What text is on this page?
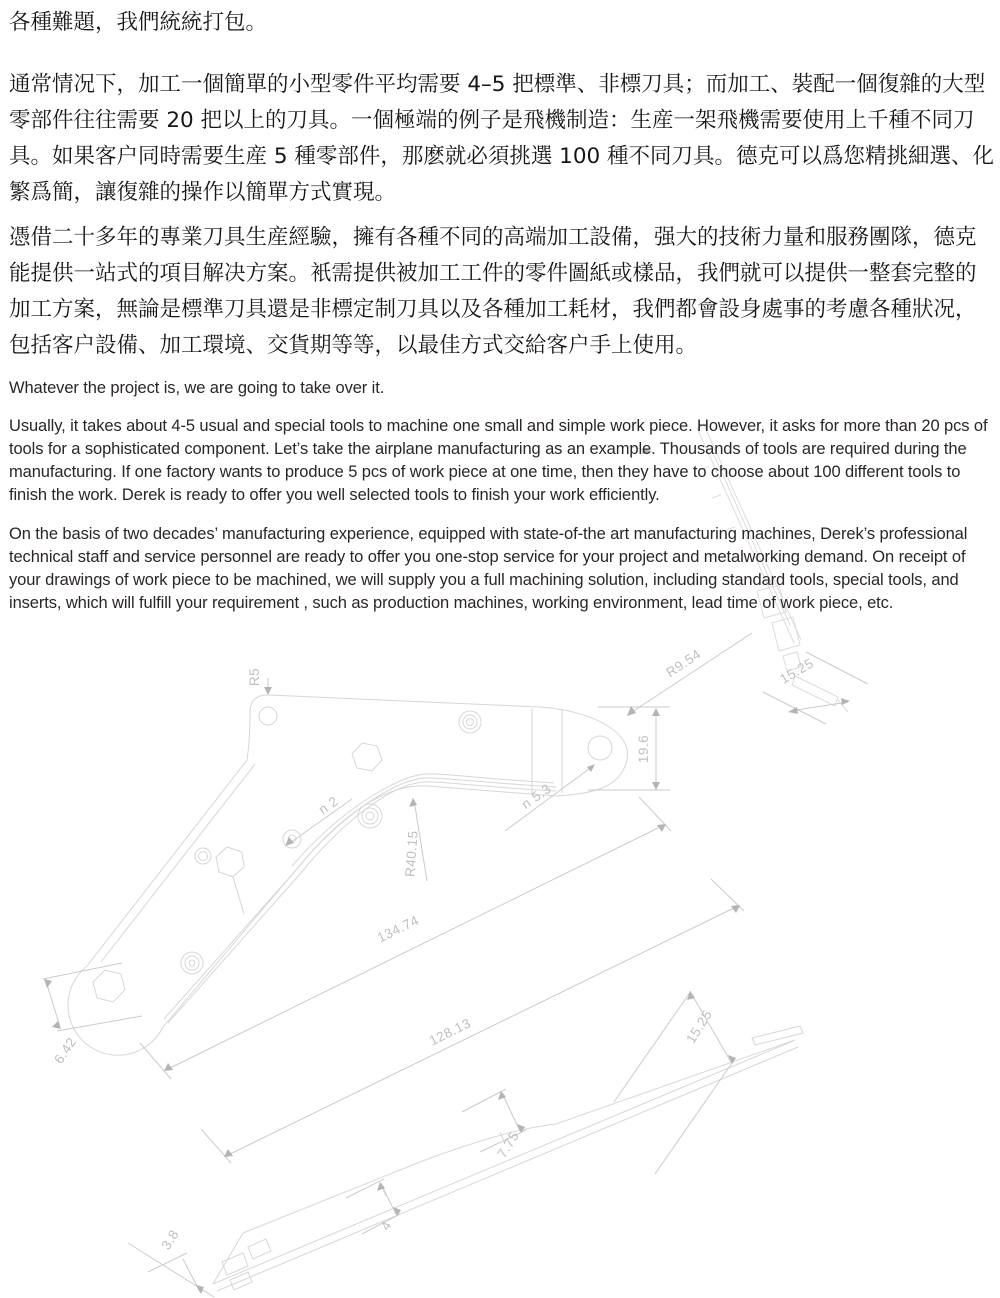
R5	R9.54
19.6
n 2	n 5.3
R40.15
134.74
6.42
128.13	15.25
7.75
4
3.8
15.25

各種難題，我們統統打包。

通常情况下，加工一個簡單的小型零件平均需要 4–5 把標準、非標刀具；而加工、裝配一個復雜的大型零部件往往需要 20 把以上的刀具。一個極端的例子是飛機制造：生産一架飛機需要使用上千種不同刀具。如果客户同時需要生産 5 種零部件，那麽就必須挑選 100 種不同刀具。德克可以爲您精挑細選、化繁爲簡，讓復雜的操作以簡單方式實現。

憑借二十多年的專業刀具生産經驗，擁有各種不同的高端加工設備，强大的技術力量和服務團隊，德克能提供一站式的項目解决方案。衹需提供被加工工件的零件圖紙或樣品，我們就可以提供一整套完整的加工方案，無論是標準刀具還是非標定制刀具以及各種加工耗材，我們都會設身處事的考慮各種狀况，包括客户設備、加工環境、交貨期等等，以最佳方式交給客户手上使用。

Whatever the project is, we are going to take over it.

Usually, it takes about 4-5 usual and special tools to machine one small and simple work piece. However, it asks for more than 20 pcs of tools for a sophisticated component. Let’s take the airplane manufacturing as an example. Thousands of tools are required during the manufacturing. If one factory wants to produce 5 pcs of work piece at one time, then they have to choose about 100 different tools to finish the work. Derek is ready to offer you well selected tools to finish your work efficiently.

On the basis of two decades’ manufacturing experience, equipped with state-of-the art manufacturing machines, Derek’s professional technical staff and service personnel are ready to offer you one-stop service for your project and metalworking demand. On receipt of your drawings of work piece to be machined, we will supply you a full machining solution, including standard tools, special tools, and inserts, which will fulfill your requirement , such as production machines, working environment, lead time of work piece, etc.
